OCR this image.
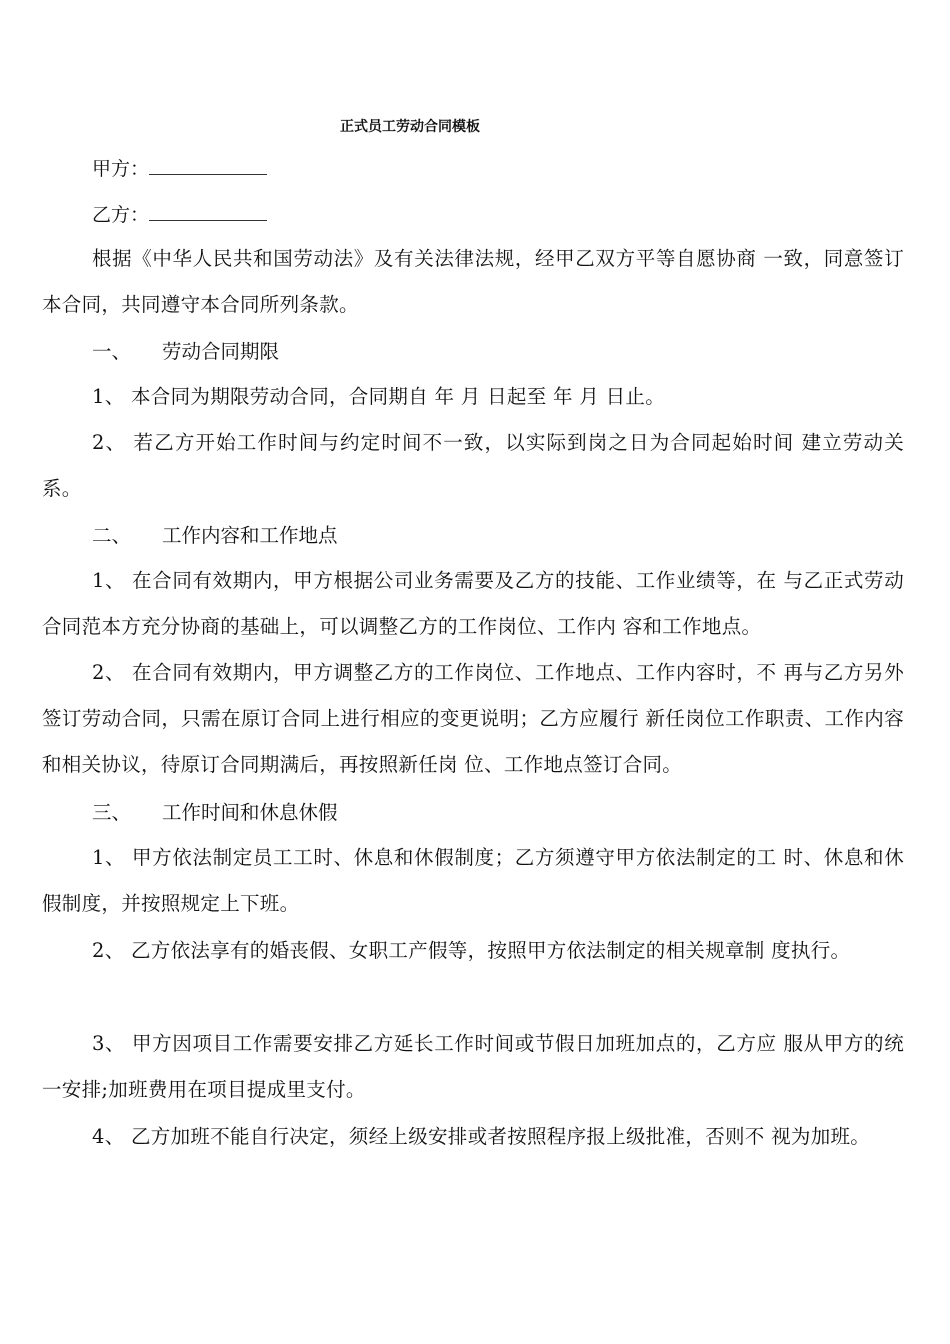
正式员工劳动合同模板
甲方：
乙方：
根据《中华人民共和国劳动法》及有关法律法规，经甲乙双方平等自愿协商 一致，同意签订本合同，共同遵守本合同所列条款。
一、 劳动合同期限
1、 本合同为期限劳动合同，合同期自 年 月 日起至 年 月 日止。
2、 若乙方开始工作时间与约定时间不一致，以实际到岗之日为合同起始时间 建立劳动关系。
二、 工作内容和工作地点
1、 在合同有效期内，甲方根据公司业务需要及乙方的技能、工作业绩等，在 与乙正式劳动合同范本方充分协商的基础上，可以调整乙方的工作岗位、工作内 容和工作地点。
2、 在合同有效期内，甲方调整乙方的工作岗位、工作地点、工作内容时，不 再与乙方另外签订劳动合同，只需在原订合同上进行相应的变更说明；乙方应履行 新任岗位工作职责、工作内容和相关协议，待原订合同期满后，再按照新任岗 位、工作地点签订合同。
三、 工作时间和休息休假
1、 甲方依法制定员工工时、休息和休假制度；乙方须遵守甲方依法制定的工 时、休息和休假制度，并按照规定上下班。
2、 乙方依法享有的婚丧假、女职工产假等，按照甲方依法制定的相关规章制 度执行。
3、 甲方因项目工作需要安排乙方延长工作时间或节假日加班加点的，乙方应 服从甲方的统一安排;加班费用在项目提成里支付。
4、 乙方加班不能自行决定，须经上级安排或者按照程序报上级批准，否则不 视为加班。
